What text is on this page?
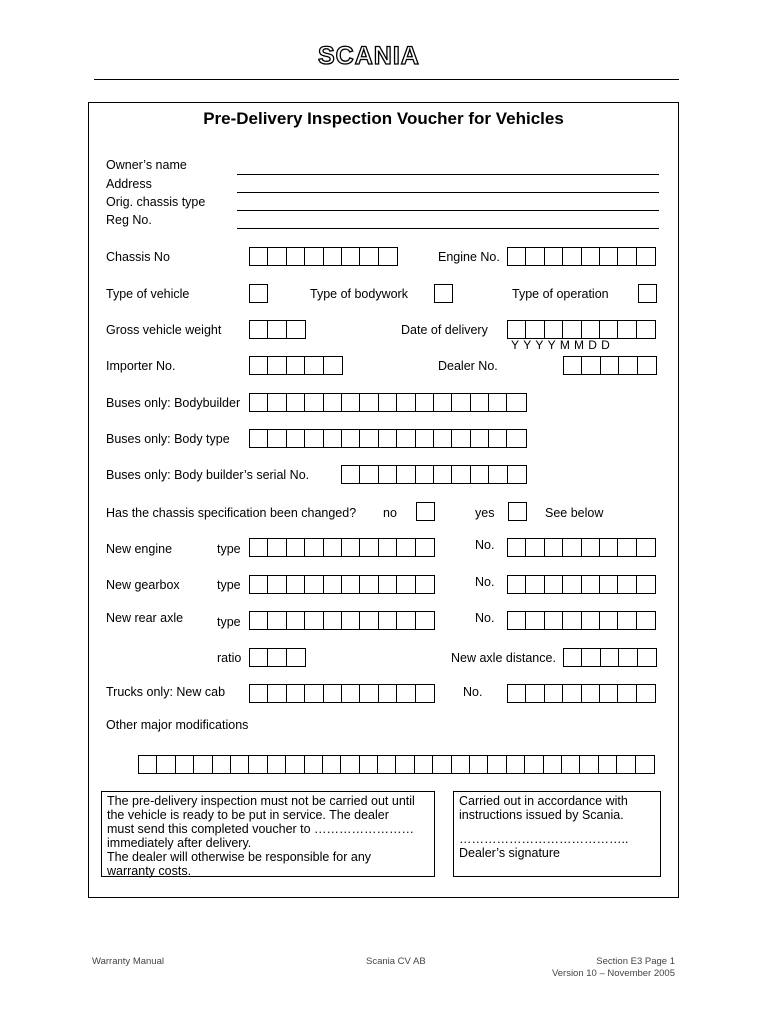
SCANIA
Pre-Delivery Inspection Voucher for Vehicles
Owner’s name
Address
Orig. chassis type
Reg No.
Chassis No	Engine No.
Type of vehicle	Type of bodywork	Type of operation
Gross vehicle weight	Date of delivery
YYYYMMDD
Importer No.	Dealer No.
Buses only: Bodybuilder
Buses only: Body type
Buses only: Body builder’s serial No.
Has the chassis specification been changed? no	yes	See below
New engine	type	No.
New gearbox	type	No.
New rear axle	type	No.
ratio	New axle distance.
Trucks only: New cab	No.
Other major modifications
The pre-delivery inspection must not be carried out until
the vehicle is ready to be put in service. The dealer
must send this completed voucher to ……………………
immediately after delivery.
The dealer will otherwise be responsible for any
warranty costs.
Carried out in accordance with
instructions issued by Scania.
…………………………………..
Dealer’s signature
Warranty Manual	Scania CV AB	Section E3 Page 1
Version 10 – November 2005
